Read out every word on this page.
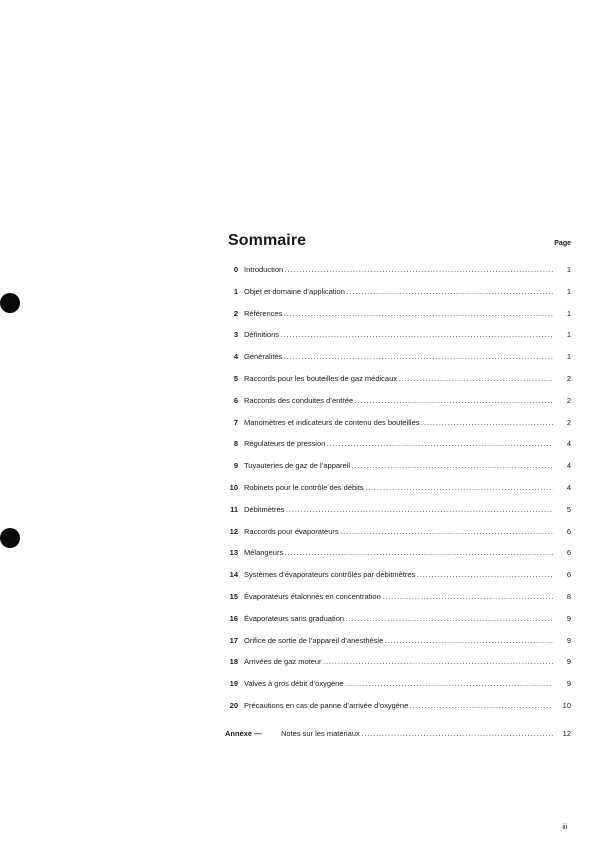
Sommaire	Page
0 Introduction . . .	1
1 Objet et domaine d’application . . .	1
2 Références . . .	1
3 Définitions . . .	1
4 Généralités . . .	1
5 Raccords pour les bouteilles de gaz médicaux . . .	2
6 Raccords des conduites d’entrée . . .	2
7 Manomètres et indicateurs de contenu des bouteilles . . .	2
8 Régulateurs de pression . . .	4
9 Tuyauteries de gaz de l’appareil . . .	4
10 Robinets pour le contrôle des débits . . .	4
11 Débitmètres . . .	5
12 Raccords pour évaporateurs . . .	6
13 Mélangeurs . . .	6
14 Systèmes d’évaporateurs contrôlés par débitmètres . . .	6
15 Évaporateurs étalonnés en concentration . . .	8
16 Évaporateurs sans graduation . . .	9
17 Orifice de sortie de l’appareil d’anesthésie . . .	9
18 Arrivées de gaz moteur . . .	9
19 Valves à gros débit d’oxygène . . .	9
20 Précautions en cas de panne d’arrivée d’oxygène . . .	10
Annexe —	Notes sur les matériaux . . .	12
iii
